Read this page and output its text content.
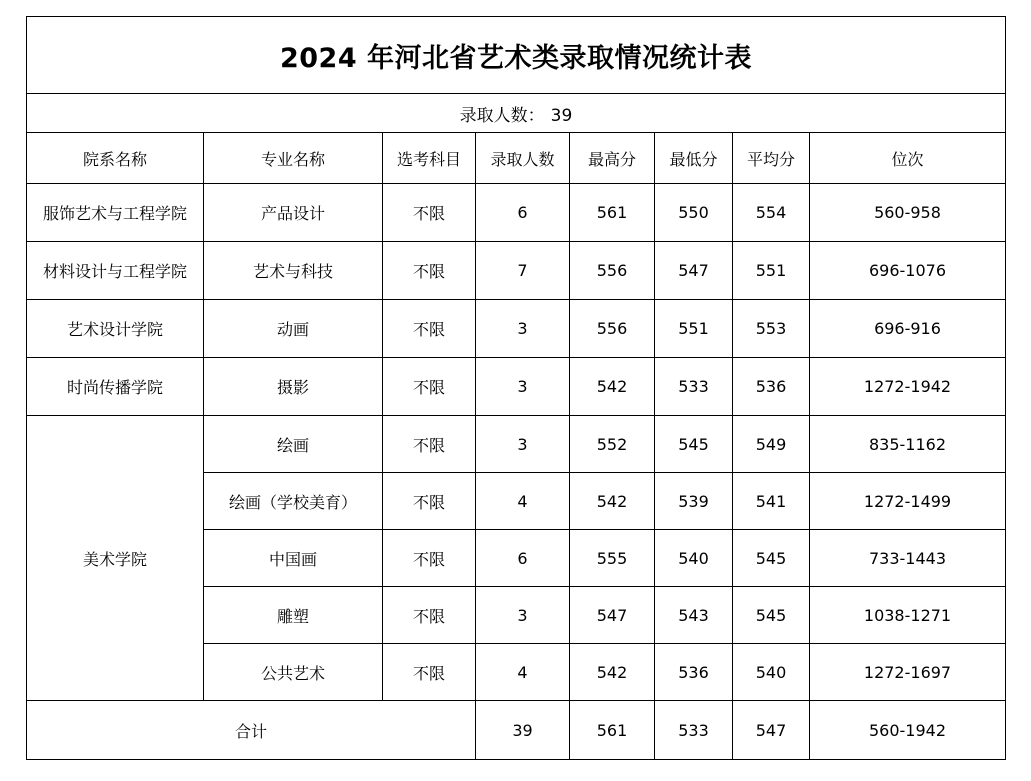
2024 年河北省艺术类录取情况统计表							
录取人数： 39							
院系名称	专业名称	选考科目	录取人数	最高分	最低分	平均分	位次
服饰艺术与工程学院	产品设计	不限	6	561	550	554	560-958
材料设计与工程学院	艺术与科技	不限	7	556	547	551	696-1076
艺术设计学院	动画	不限	3	556	551	553	696-916
时尚传播学院	摄影	不限	3	542	533	536	1272-1942
美术学院	绘画	不限	3	552	545	549	835-1162
	绘画（学校美育）	不限	4	542	539	541	1272-1499
	中国画	不限	6	555	540	545	733-1443
	雕塑	不限	3	547	543	545	1038-1271
	公共艺术	不限	4	542	536	540	1272-1697
合计			39	561	533	547	560-1942
